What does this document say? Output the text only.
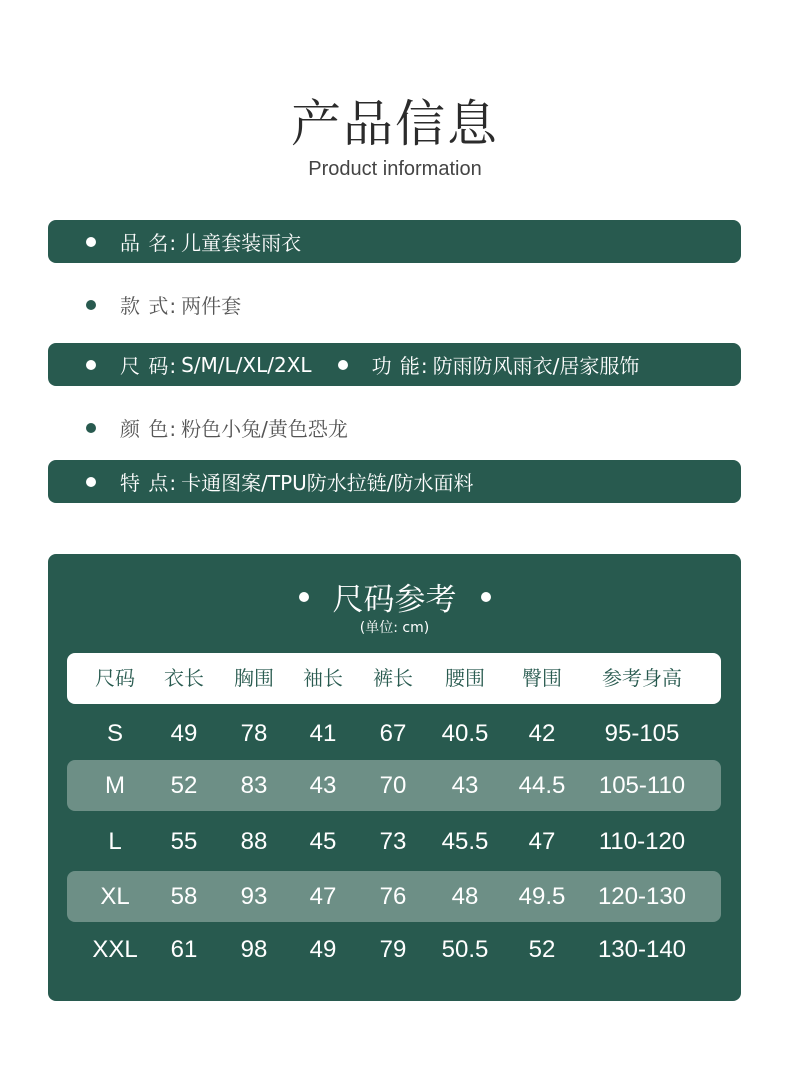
产品信息
Product information
品 名: 儿童套装雨衣
款 式: 两件套
尺 码: S/M/L/XL/2XL	功 能: 防雨防风雨衣/居家服饰
颜 色: 粉色小兔/黄色恐龙
特 点: 卡通图案/TPU防水拉链/防水面料
尺码参考
(单位: cm)
尺码	衣长	胸围	袖长	裤长	腰围	臀围	参考身高
S	49	78	41	67	40.5	42	95-105
M	52	83	43	70	43	44.5	105-110
L	55	88	45	73	45.5	47	110-120
XL	58	93	47	76	48	49.5	120-130
XXL	61	98	49	79	50.5	52	130-140
